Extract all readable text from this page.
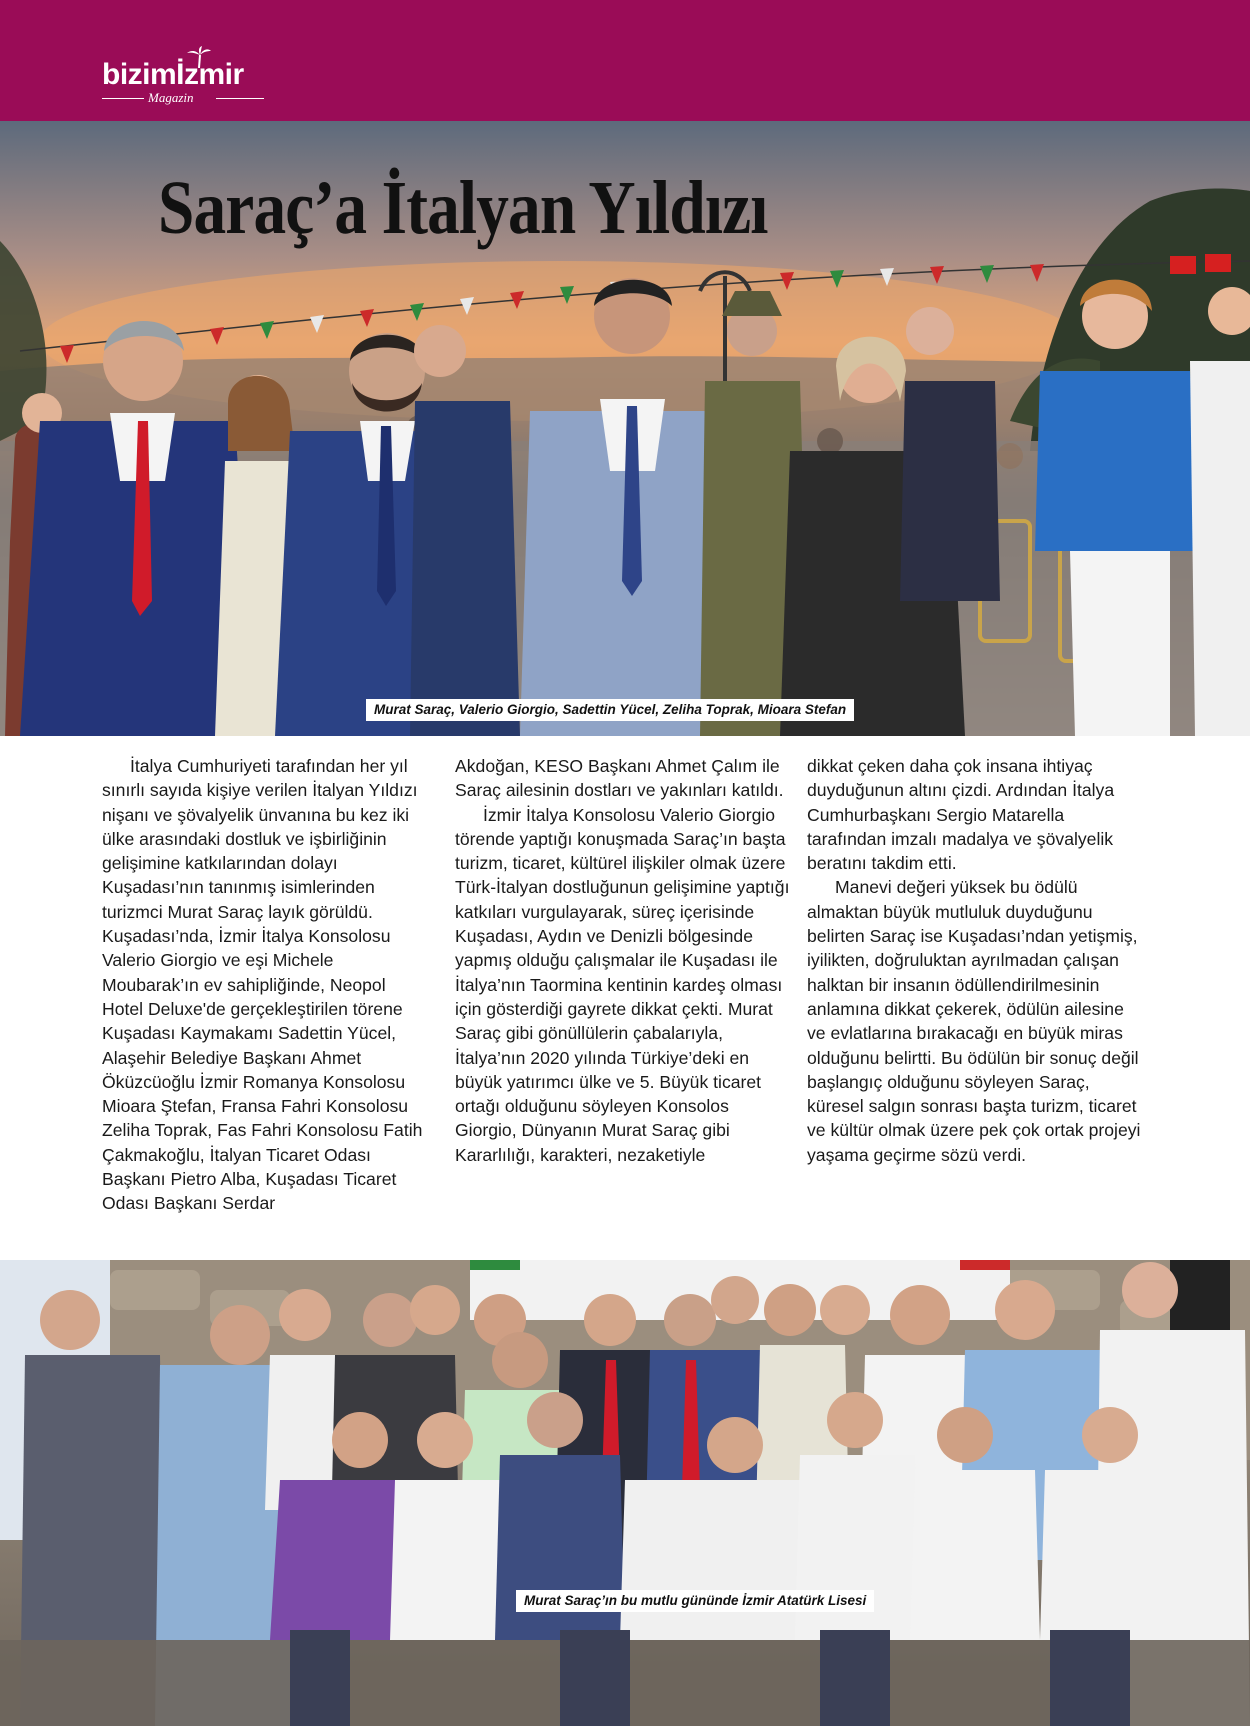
bizimİzmir
Magazin
Saraç’a İtalyan Yıldızı
Murat Saraç, Valerio Giorgio, Sadettin Yücel, Zeliha Toprak, Mioara Stefan

İtalya Cumhuriyeti tarafından her yıl sınırlı sayıda kişiye verilen İtalyan Yıldızı nişanı ve şövalyelik ünvanına bu kez iki ülke arasındaki dostluk ve işbirliğinin gelişimine katkılarından dolayı Kuşadası’nın tanınmış isimlerinden turizmci Murat Saraç layık görüldü. Kuşadası’nda, İzmir İtalya Konsolosu Valerio Giorgio ve eşi Michele Moubarak’ın ev sahipliğinde, Neopol Hotel Deluxe'de gerçekleştirilen törene Kuşadası Kaymakamı Sadettin Yücel, Alaşehir Belediye Başkanı Ahmet Öküzcüoğlu İzmir Romanya Konsolosu Mioara Ştefan, Fransa Fahri Konsolosu Zeliha Toprak, Fas Fahri Konsolosu Fatih Çakmakoğlu, İtalyan Ticaret Odası Başkanı Pietro Alba, Kuşadası Ticaret Odası Başkanı Serdar

Akdoğan, KESO Başkanı Ahmet Çalım ile Saraç ailesinin dostları ve yakınları katıldı.

İzmir İtalya Konsolosu Valerio Giorgio törende yaptığı konuşmada Saraç’ın başta turizm, ticaret, kültürel ilişkiler olmak üzere Türk-İtalyan dostluğunun gelişimine yaptığı katkıları vurgulayarak, süreç içerisinde Kuşadası, Aydın ve Denizli bölgesinde yapmış olduğu çalışmalar ile Kuşadası ile İtalya’nın Taormina kentinin kardeş olması için gösterdiği gayrete dikkat çekti. Murat Saraç gibi gönüllülerin çabalarıyla, İtalya’nın 2020 yılında Türkiye’deki en büyük yatırımcı ülke ve 5. Büyük ticaret ortağı olduğunu söyleyen Konsolos Giorgio, Dünyanın Murat Saraç gibi Kararlılığı, karakteri, nezaketiyle

dikkat çeken daha çok insana ihtiyaç duyduğunun altını çizdi. Ardından İtalya Cumhurbaşkanı Sergio Matarella tarafından imzalı madalya ve şövalyelik beratını takdim etti.

Manevi değeri yüksek bu ödülü almaktan büyük mutluluk duyduğunu belirten Saraç ise Kuşadası’ndan yetişmiş, iyilikten, doğruluktan ayrılmadan çalışan halktan bir insanın ödüllendirilmesinin anlamına dikkat çekerek, ödülün ailesine ve evlatlarına bırakacağı en büyük miras olduğunu belirtti. Bu ödülün bir sonuç değil başlangıç olduğunu söyleyen Saraç, küresel salgın sonrası başta turizm, ticaret ve kültür olmak üzere pek çok ortak projeyi yaşama geçirme sözü verdi.

Murat Saraç’ın bu mutlu gününde İzmir Atatürk Lisesi
